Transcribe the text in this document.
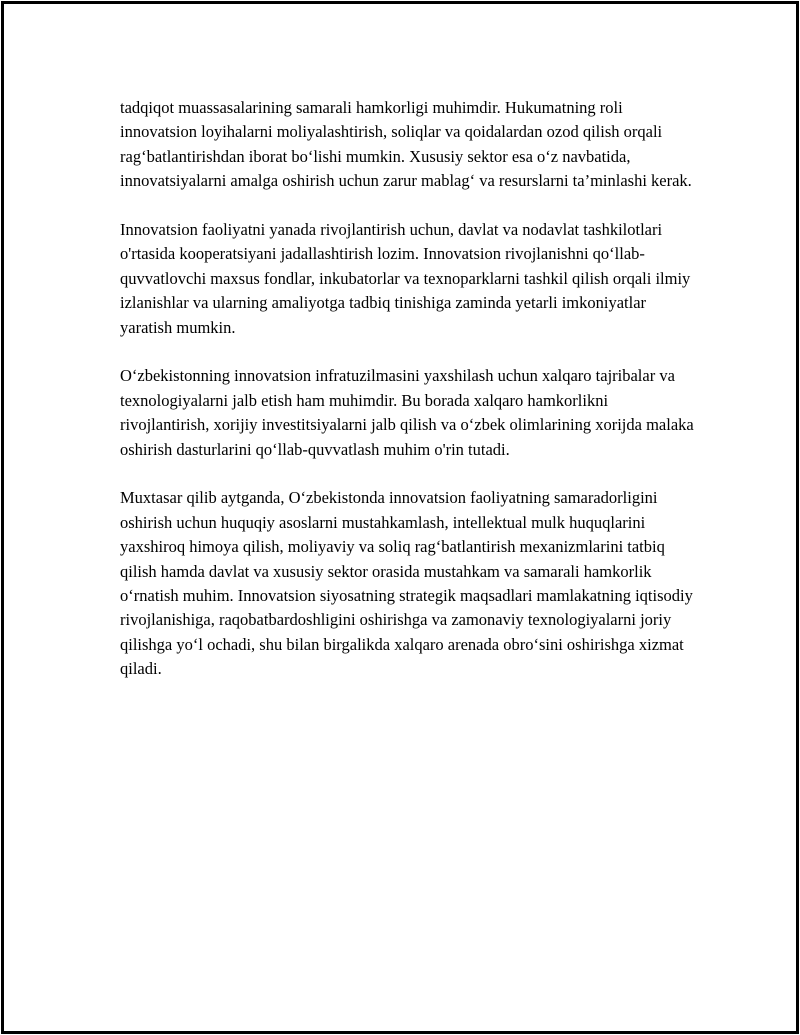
tadqiqot muassasalarining samarali hamkorligi muhimdir. Hukumatning roli innovatsion loyihalarni moliyalashtirish, soliqlar va qoidalardan ozod qilish orqali rag‘batlantirishdan iborat bo‘lishi mumkin. Xususiy sektor esa o‘z navbatida, innovatsiyalarni amalga oshirish uchun zarur mablag‘ va resurslarni ta’minlashi kerak.

Innovatsion faoliyatni yanada rivojlantirish uchun, davlat va nodavlat tashkilotlari o'rtasida kooperatsiyani jadallashtirish lozim. Innovatsion rivojlanishni qo‘llab-quvvatlovchi maxsus fondlar, inkubatorlar va texnoparklarni tashkil qilish orqali ilmiy izlanishlar va ularning amaliyotga tadbiq tinishiga zaminda yetarli imkoniyatlar yaratish mumkin.

O‘zbekistonning innovatsion infratuzilmasini yaxshilash uchun xalqaro tajribalar va texnologiyalarni jalb etish ham muhimdir. Bu borada xalqaro hamkorlikni rivojlantirish, xorijiy investitsiyalarni jalb qilish va o‘zbek olimlarining xorijda malaka oshirish dasturlarini qo‘llab-quvvatlash muhim o'rin tutadi.

Muxtasar qilib aytganda, O‘zbekistonda innovatsion faoliyatning samaradorligini oshirish uchun huquqiy asoslarni mustahkamlash, intellektual mulk huquqlarini yaxshiroq himoya qilish, moliyaviy va soliq rag‘batlantirish mexanizmlarini tatbiq qilish hamda davlat va xususiy sektor orasida mustahkam va samarali hamkorlik o‘rnatish muhim. Innovatsion siyosatning strategik maqsadlari mamlakatning iqtisodiy rivojlanishiga, raqobatbardoshligini oshirishga va zamonaviy texnologiyalarni joriy qilishga yo‘l ochadi, shu bilan birgalikda xalqaro arenada obro‘sini oshirishga xizmat qiladi.
